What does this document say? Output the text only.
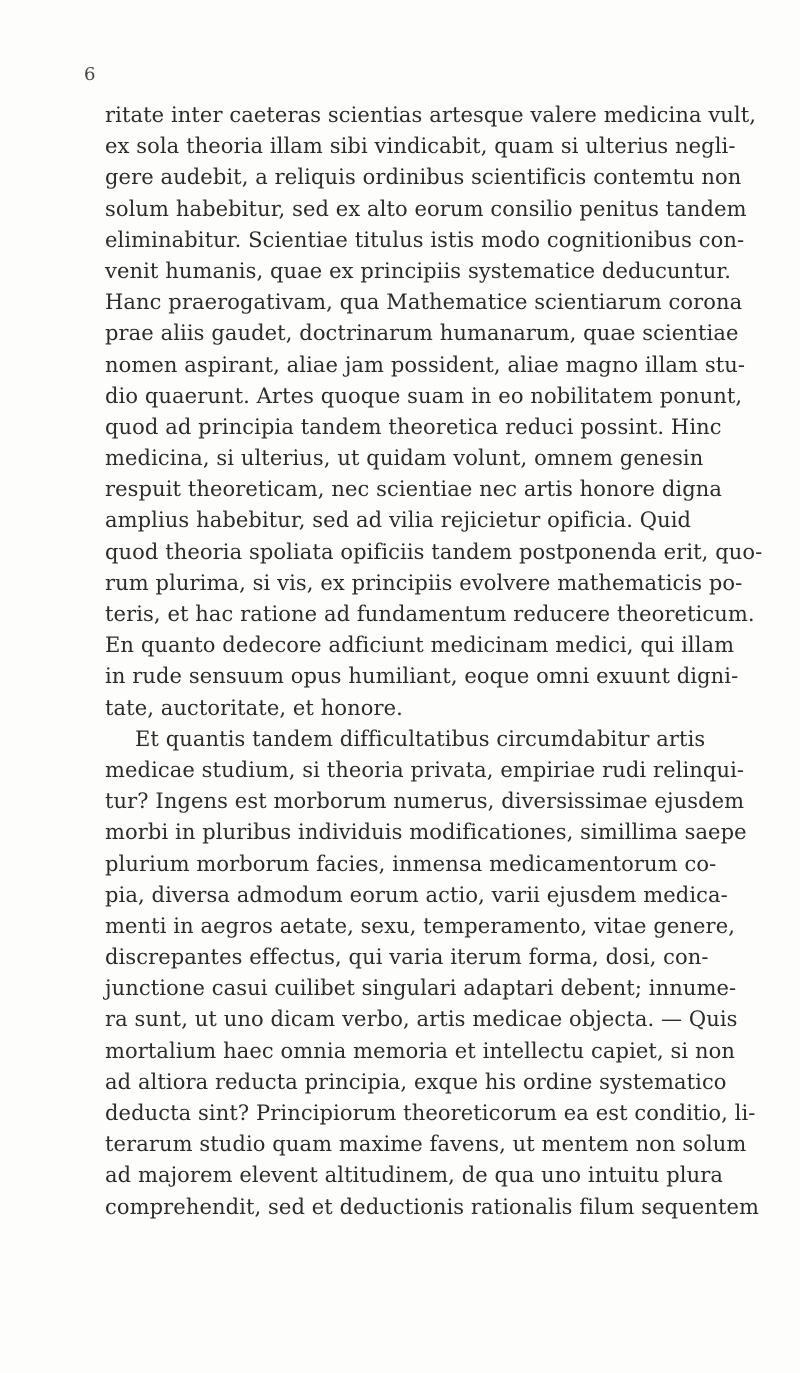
6
ritate inter caeteras scientias artesque valere medicina vult,
ex sola theoria illam sibi vindicabit, quam si ulterius negli-
gere audebit, a reliquis ordinibus scientificis contemtu non
solum habebitur, sed ex alto eorum consilio penitus tandem
eliminabitur. Scientiae titulus istis modo cognitionibus con-
venit humanis, quae ex principiis systematice deducuntur.
Hanc praerogativam, qua Mathematice scientiarum corona
prae aliis gaudet, doctrinarum humanarum, quae scientiae
nomen aspirant, aliae jam possident, aliae magno illam stu-
dio quaerunt. Artes quoque suam in eo nobilitatem ponunt,
quod ad principia tandem theoretica reduci possint. Hinc
medicina, si ulterius, ut quidam volunt, omnem genesin
respuit theoreticam, nec scientiae nec artis honore digna
amplius habebitur, sed ad vilia rejicietur opificia. Quid
quod theoria spoliata opificiis tandem postponenda erit, quo-
rum plurima, si vis, ex principiis evolvere mathematicis po-
teris, et hac ratione ad fundamentum reducere theoreticum.
En quanto dedecore adficiunt medicinam medici, qui illam
in rude sensuum opus humiliant, eoque omni exuunt digni-
tate, auctoritate, et honore.
Et quantis tandem difficultatibus circumdabitur artis
medicae studium, si theoria privata, empiriae rudi relinqui-
tur? Ingens est morborum numerus, diversissimae ejusdem
morbi in pluribus individuis modificationes, simillima saepe
plurium morborum facies, inmensa medicamentorum co-
pia, diversa admodum eorum actio, varii ejusdem medica-
menti in aegros aetate, sexu, temperamento, vitae genere,
discrepantes effectus, qui varia iterum forma, dosi, con-
junctione casui cuilibet singulari adaptari debent; innume-
ra sunt, ut uno dicam verbo, artis medicae objecta. — Quis
mortalium haec omnia memoria et intellectu capiet, si non
ad altiora reducta principia, exque his ordine systematico
deducta sint? Principiorum theoreticorum ea est conditio, li-
terarum studio quam maxime favens, ut mentem non solum
ad majorem elevent altitudinem, de qua uno intuitu plura
comprehendit, sed et deductionis rationalis filum sequentem
